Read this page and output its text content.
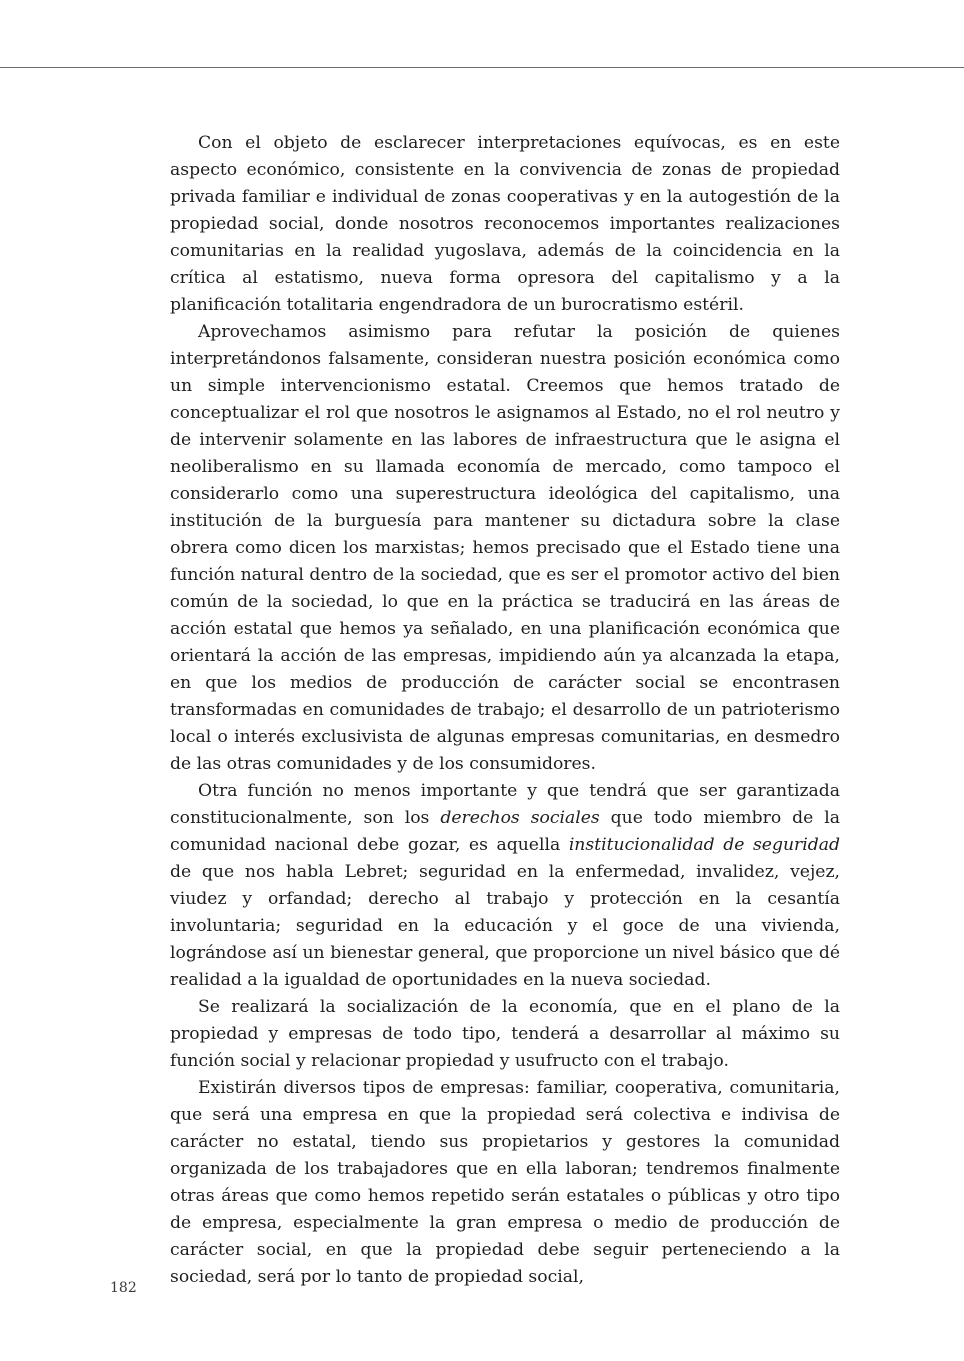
Con el objeto de esclarecer interpretaciones equívocas, es en este aspecto económico, consistente en la convivencia de zonas de propiedad privada familiar e individual de zonas cooperativas y en la autogestión de la propiedad social, donde nosotros reconocemos importantes realizaciones comunitarias en la realidad yugoslava, además de la coincidencia en la crítica al estatismo, nueva forma opresora del capitalismo y a la planificación totalitaria engendradora de un burocratismo estéril.

Aprovechamos asimismo para refutar la posición de quienes interpretándonos falsamente, consideran nuestra posición económica como un simple intervencionismo estatal. Creemos que hemos tratado de conceptualizar el rol que nosotros le asignamos al Estado, no el rol neutro y de intervenir solamente en las labores de infraestructura que le asigna el neoliberalismo en su llamada economía de mercado, como tampoco el considerarlo como una superestructura ideológica del capitalismo, una institución de la burguesía para mantener su dictadura sobre la clase obrera como dicen los marxistas; hemos precisado que el Estado tiene una función natural dentro de la sociedad, que es ser el promotor activo del bien común de la sociedad, lo que en la práctica se traducirá en las áreas de acción estatal que hemos ya señalado, en una planificación económica que orientará la acción de las empresas, impidiendo aún ya alcanzada la etapa, en que los medios de producción de carácter social se encontrasen transformadas en comunidades de trabajo; el desarrollo de un patrioterismo local o interés exclusivista de algunas empresas comunitarias, en desmedro de las otras comunidades y de los consumidores.

Otra función no menos importante y que tendrá que ser garantizada constitucionalmente, son los derechos sociales que todo miembro de la comunidad nacional debe gozar, es aquella institucionalidad de seguridad de que nos habla Lebret; seguridad en la enfermedad, invalidez, vejez, viudez y orfandad; derecho al trabajo y protección en la cesantía involuntaria; seguridad en la educación y el goce de una vivienda, lográndose así un bienestar general, que proporcione un nivel básico que dé realidad a la igualdad de oportunidades en la nueva sociedad.

Se realizará la socialización de la economía, que en el plano de la propiedad y empresas de todo tipo, tenderá a desarrollar al máximo su función social y relacionar propiedad y usufructo con el trabajo.

Existirán diversos tipos de empresas: familiar, cooperativa, comunitaria, que será una empresa en que la propiedad será colectiva e indivisa de carácter no estatal, tiendo sus propietarios y gestores la comunidad organizada de los trabajadores que en ella laboran; tendremos finalmente otras áreas que como hemos repetido serán estatales o públicas y otro tipo de empresa, especialmente la gran empresa o medio de producción de carácter social, en que la propiedad debe seguir perteneciendo a la sociedad, será por lo tanto de propiedad social,

182
